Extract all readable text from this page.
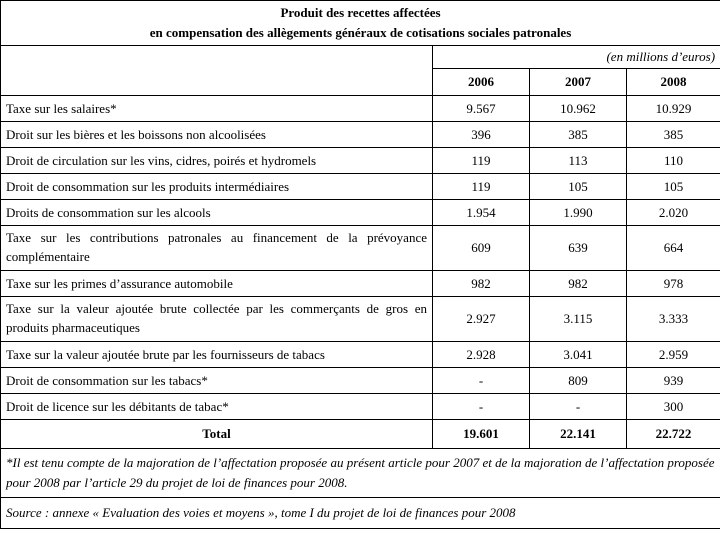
Produit des recettes affectées
en compensation des allègements généraux de cotisations sociales patronales			

	(en millions d’euros)		
	2006	2007	2008
Taxe sur les salaires*	9.567	10.962	10.929
Droit sur les bières et les boissons non alcoolisées	396	385	385
Droit de circulation sur les vins, cidres, poirés et hydromels	119	113	110
Droit de consommation sur les produits intermédiaires	119	105	105
Droits de consommation sur les alcools	1.954	1.990	2.020
Taxe sur les contributions patronales au financement de la prévoyance complémentaire	609	639	664
Taxe sur les primes d’assurance automobile	982	982	978
Taxe sur la valeur ajoutée brute collectée par les commerçants de gros en produits pharmaceutiques	2.927	3.115	3.333
Taxe sur la valeur ajoutée brute par les fournisseurs de tabacs	2.928	3.041	2.959
Droit de consommation sur les tabacs*	-	809	939
Droit de licence sur les débitants de tabac*	-	-	300
Total	19.601	22.141	22.722
*Il est tenu compte de la majoration de l’affectation proposée au présent article pour 2007 et de la majoration de l’affectation proposée pour 2008 par l’article 29 du projet de loi de finances pour 2008.			
Source : annexe « Evaluation des voies et moyens », tome I du projet de loi de finances pour 2008			
